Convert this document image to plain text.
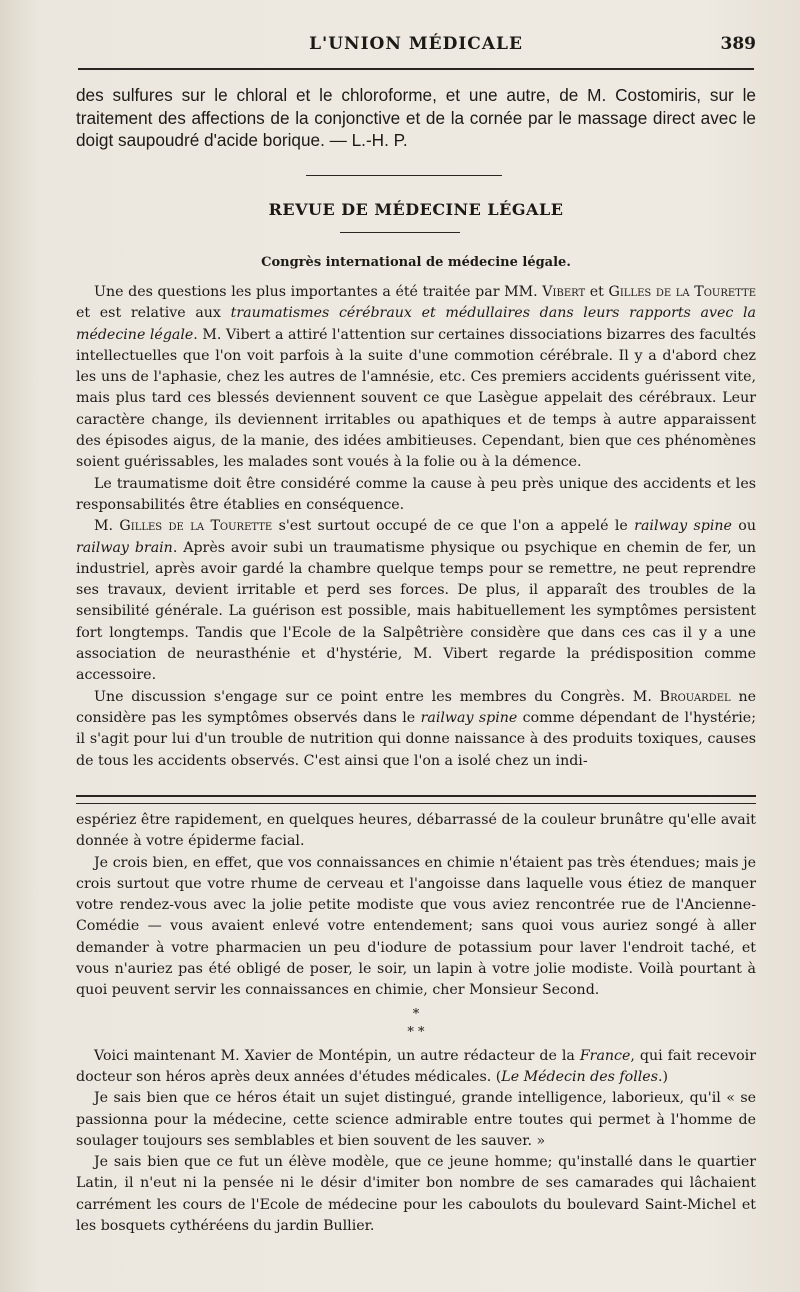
L'UNION MÉDICALE	389

des sulfures sur le chloral et le chloroforme, et une autre, de M. Costomiris, sur le traitement des affections de la conjonctive et de la cornée par le massage direct avec le doigt saupoudré d'acide borique. — L.-H. P.

REVUE DE MÉDECINE LÉGALE
Congrès international de médecine légale.

Une des questions les plus importantes a été traitée par MM. Vibert et Gilles de la Tourette et est relative aux traumatismes cérébraux et médullaires dans leurs rapports avec la médecine légale. M. Vibert a attiré l'attention sur certaines dissociations bizarres des facultés intellectuelles que l'on voit parfois à la suite d'une commotion cérébrale. Il y a d'abord chez les uns de l'aphasie, chez les autres de l'amnésie, etc. Ces premiers accidents guérissent vite, mais plus tard ces blessés deviennent souvent ce que Lasègue appelait des cérébraux. Leur caractère change, ils deviennent irritables ou apathiques et de temps à autre apparaissent des épisodes aigus, de la manie, des idées ambitieuses. Cependant, bien que ces phénomènes soient guérissables, les malades sont voués à la folie ou à la démence.

Le traumatisme doit être considéré comme la cause à peu près unique des accidents et les responsabilités être établies en conséquence.

M. Gilles de la Tourette s'est surtout occupé de ce que l'on a appelé le railway spine ou railway brain. Après avoir subi un traumatisme physique ou psychique en chemin de fer, un industriel, après avoir gardé la chambre quelque temps pour se remettre, ne peut reprendre ses travaux, devient irritable et perd ses forces. De plus, il apparaît des troubles de la sensibilité générale. La guérison est possible, mais habituellement les symptômes persistent fort longtemps. Tandis que l'Ecole de la Salpêtrière considère que dans ces cas il y a une association de neurasthénie et d'hystérie, M. Vibert regarde la prédisposition comme accessoire.

Une discussion s'engage sur ce point entre les membres du Congrès. M. Brouardel ne considère pas les symptômes observés dans le railway spine comme dépendant de l'hystérie; il s'agit pour lui d'un trouble de nutrition qui donne naissance à des produits toxiques, causes de tous les accidents observés. C'est ainsi que l'on a isolé chez un indi-

espériez être rapidement, en quelques heures, débarrassé de la couleur brunâtre qu'elle avait donnée à votre épiderme facial.

Je crois bien, en effet, que vos connaissances en chimie n'étaient pas très étendues; mais je crois surtout que votre rhume de cerveau et l'angoisse dans laquelle vous étiez de manquer votre rendez-vous avec la jolie petite modiste que vous aviez rencontrée rue de l'Ancienne-Comédie — vous avaient enlevé votre entendement; sans quoi vous auriez songé à aller demander à votre pharmacien un peu d'iodure de potassium pour laver l'endroit taché, et vous n'auriez pas été obligé de poser, le soir, un lapin à votre jolie modiste. Voilà pourtant à quoi peuvent servir les connaissances en chimie, cher Monsieur Second.

*
* *

Voici maintenant M. Xavier de Montépin, un autre rédacteur de la France, qui fait recevoir docteur son héros après deux années d'études médicales. (Le Médecin des folles.)

Je sais bien que ce héros était un sujet distingué, grande intelligence, laborieux, qu'il « se passionna pour la médecine, cette science admirable entre toutes qui permet à l'homme de soulager toujours ses semblables et bien souvent de les sauver. »

Je sais bien que ce fut un élève modèle, que ce jeune homme; qu'installé dans le quartier Latin, il n'eut ni la pensée ni le désir d'imiter bon nombre de ses camarades qui lâchaient carrément les cours de l'Ecole de médecine pour les caboulots du boulevard Saint-Michel et les bosquets cythéréens du jardin Bullier.
